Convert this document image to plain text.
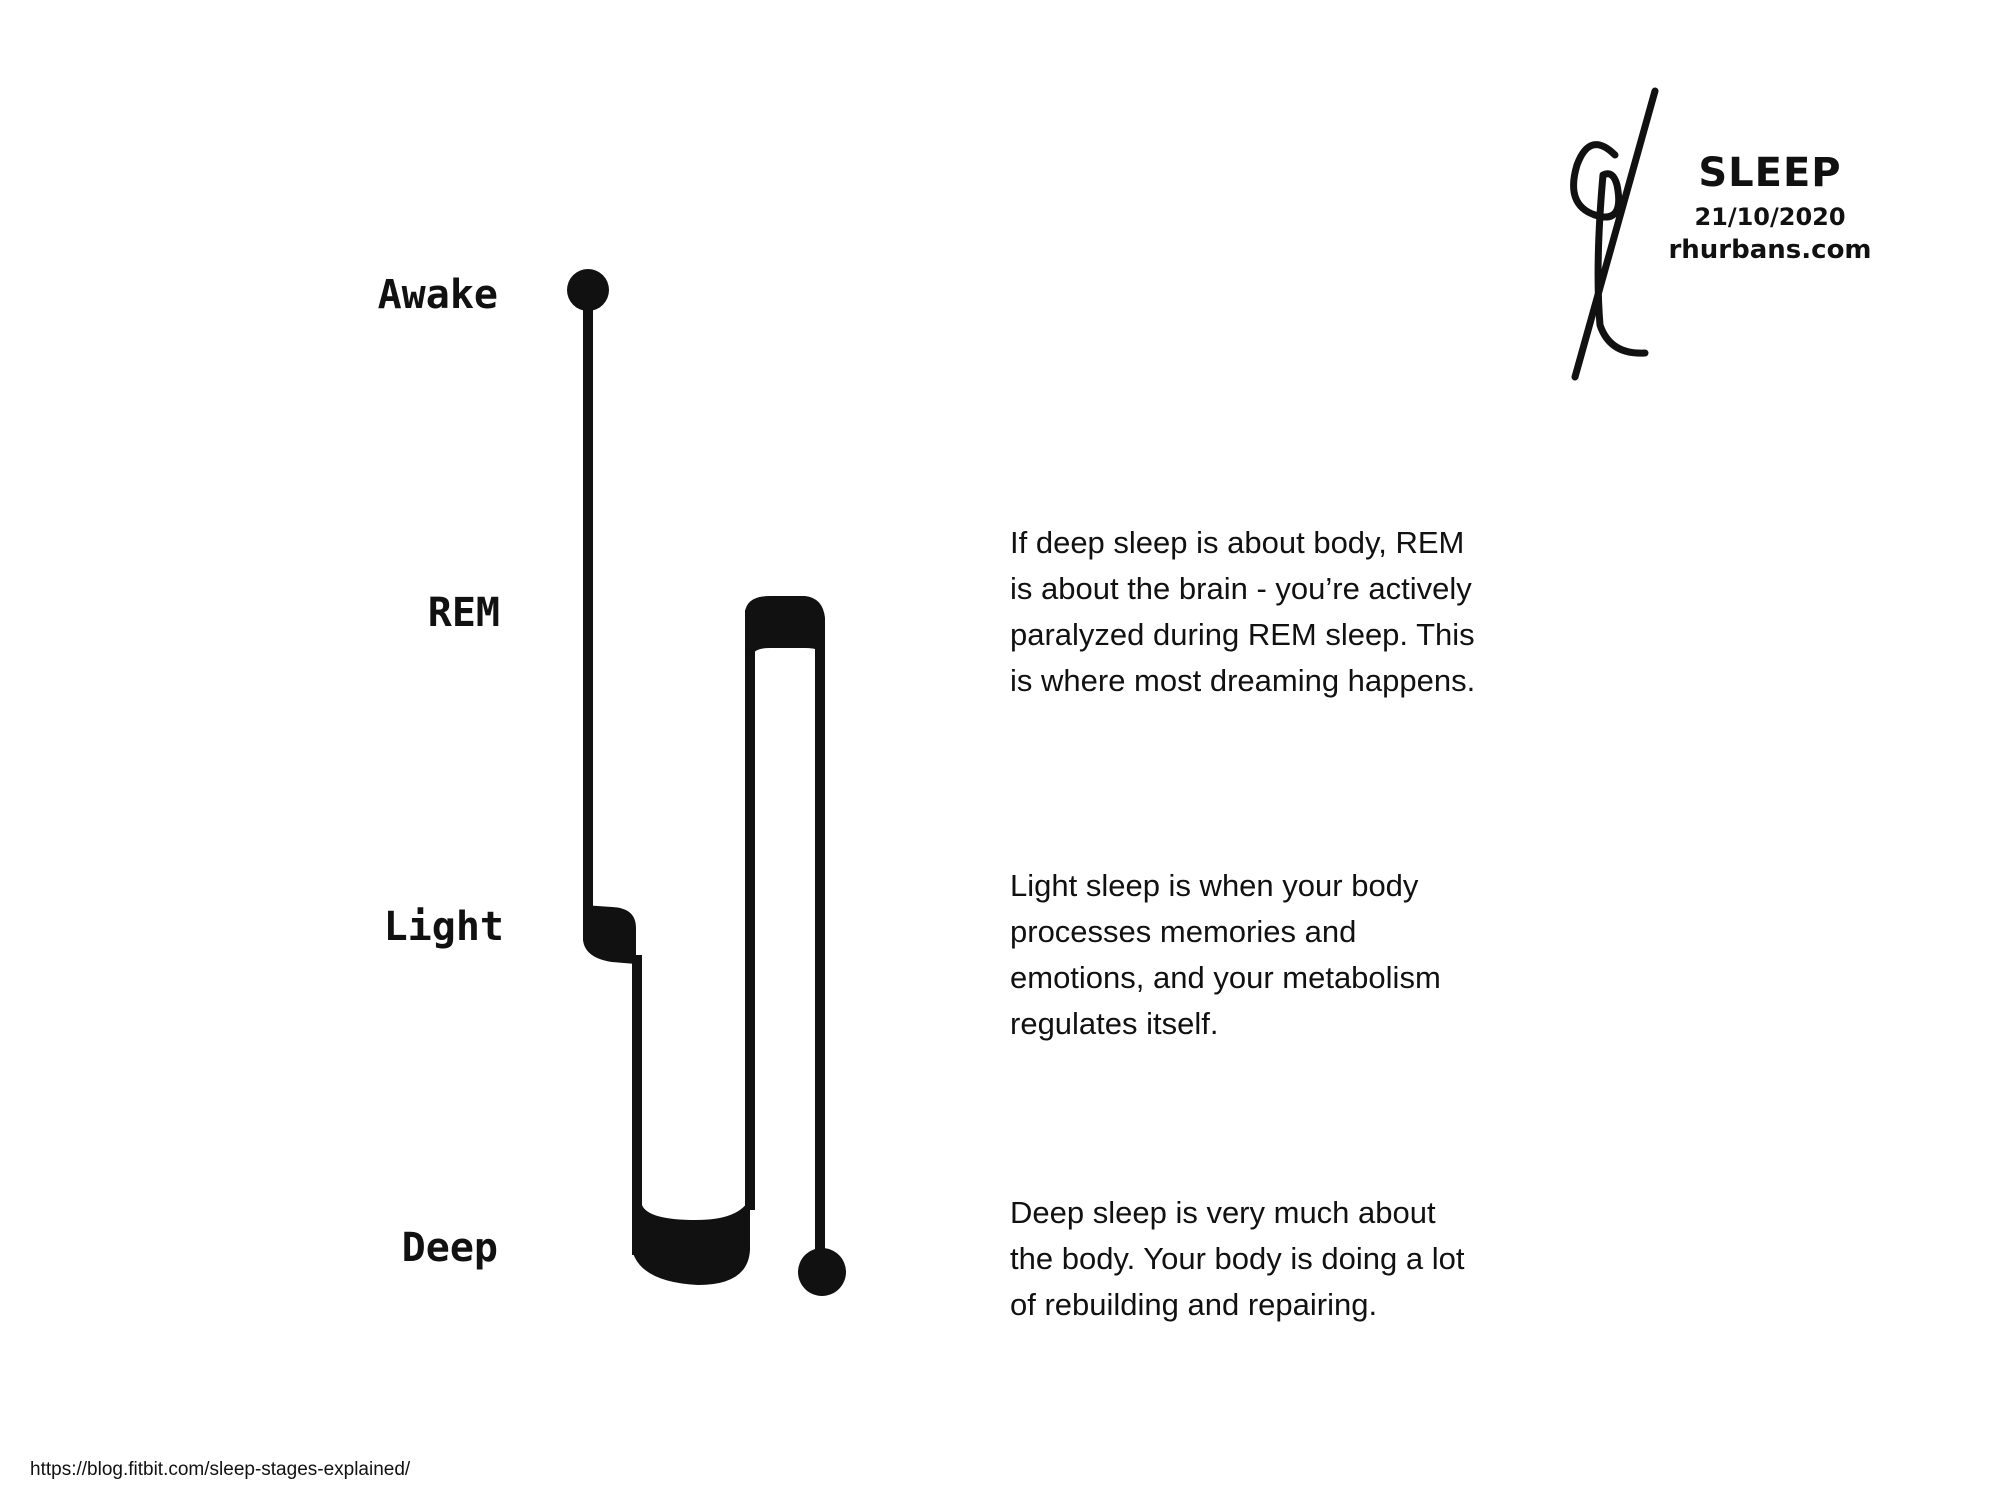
Awake
REM
Light
Deep

If deep sleep is about body, REM
is about the brain - you’re actively
paralyzed during REM sleep. This
is where most dreaming happens.

Light sleep is when your body
processes memories and
emotions, and your metabolism
regulates itself.

Deep sleep is very much about
the body. Your body is doing a lot
of rebuilding and repairing.

SLEEP
21/10/2020
rhurbans.com
https://blog.fitbit.com/sleep-stages-explained/
